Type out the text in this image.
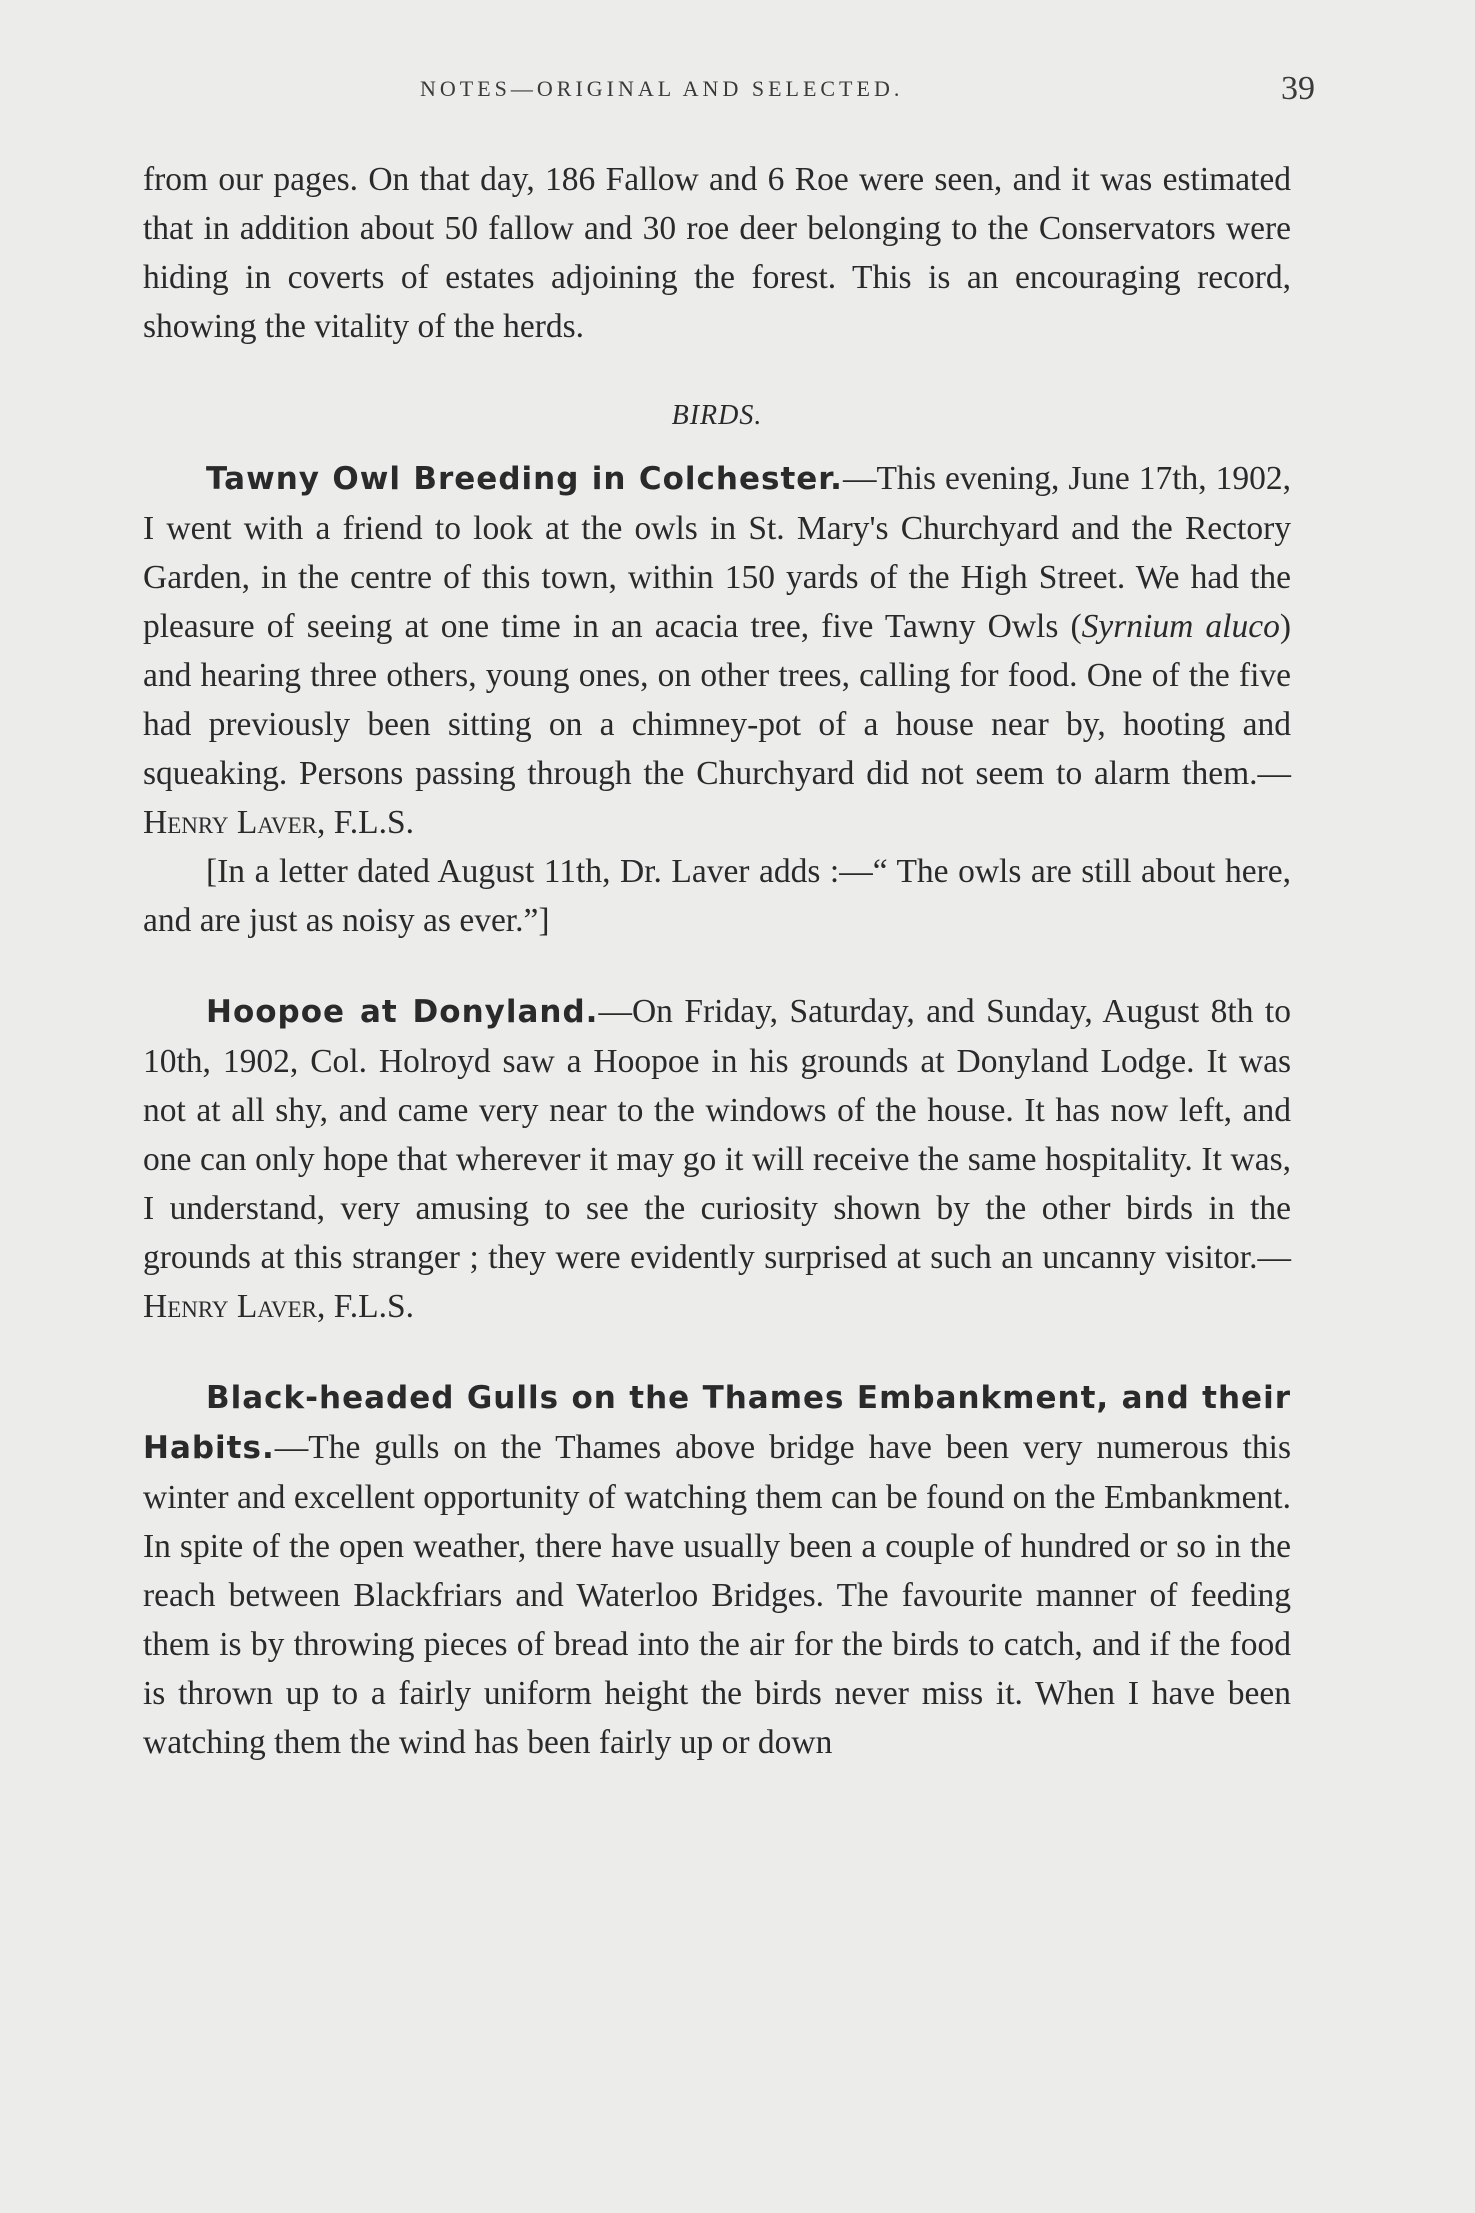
NOTES—ORIGINAL AND SELECTED.	39

from our pages. On that day, 186 Fallow and 6 Roe were seen, and it was estimated that in addition about 50 fallow and 30 roe deer belonging to the Conservators were hiding in coverts of estates adjoining the forest. This is an encouraging record, showing the vitality of the herds.

BIRDS.

Tawny Owl Breeding in Colchester.—This evening, June 17th, 1902, I went with a friend to look at the owls in St. Mary's Churchyard and the Rectory Garden, in the centre of this town, within 150 yards of the High Street. We had the pleasure of seeing at one time in an acacia tree, five Tawny Owls (Syrnium aluco) and hearing three others, young ones, on other trees, calling for food. One of the five had previously been sitting on a chimney-pot of a house near by, hooting and squeaking. Persons passing through the Churchyard did not seem to alarm them.—Henry Laver, F.L.S.

[In a letter dated August 11th, Dr. Laver adds :—“ The owls are still about here, and are just as noisy as ever.”]

Hoopoe at Donyland.—On Friday, Saturday, and Sunday, August 8th to 10th, 1902, Col. Holroyd saw a Hoopoe in his grounds at Donyland Lodge. It was not at all shy, and came very near to the windows of the house. It has now left, and one can only hope that wherever it may go it will receive the same hospitality. It was, I understand, very amusing to see the curiosity shown by the other birds in the grounds at this stranger ; they were evidently surprised at such an uncanny visitor.—Henry Laver, F.L.S.

Black-headed Gulls on the Thames Embankment, and their Habits.—The gulls on the Thames above bridge have been very numerous this winter and excellent opportunity of watching them can be found on the Embankment. In spite of the open weather, there have usually been a couple of hundred or so in the reach between Blackfriars and Waterloo Bridges. The favourite manner of feeding them is by throwing pieces of bread into the air for the birds to catch, and if the food is thrown up to a fairly uniform height the birds never miss it. When I have been watching them the wind has been fairly up or down
